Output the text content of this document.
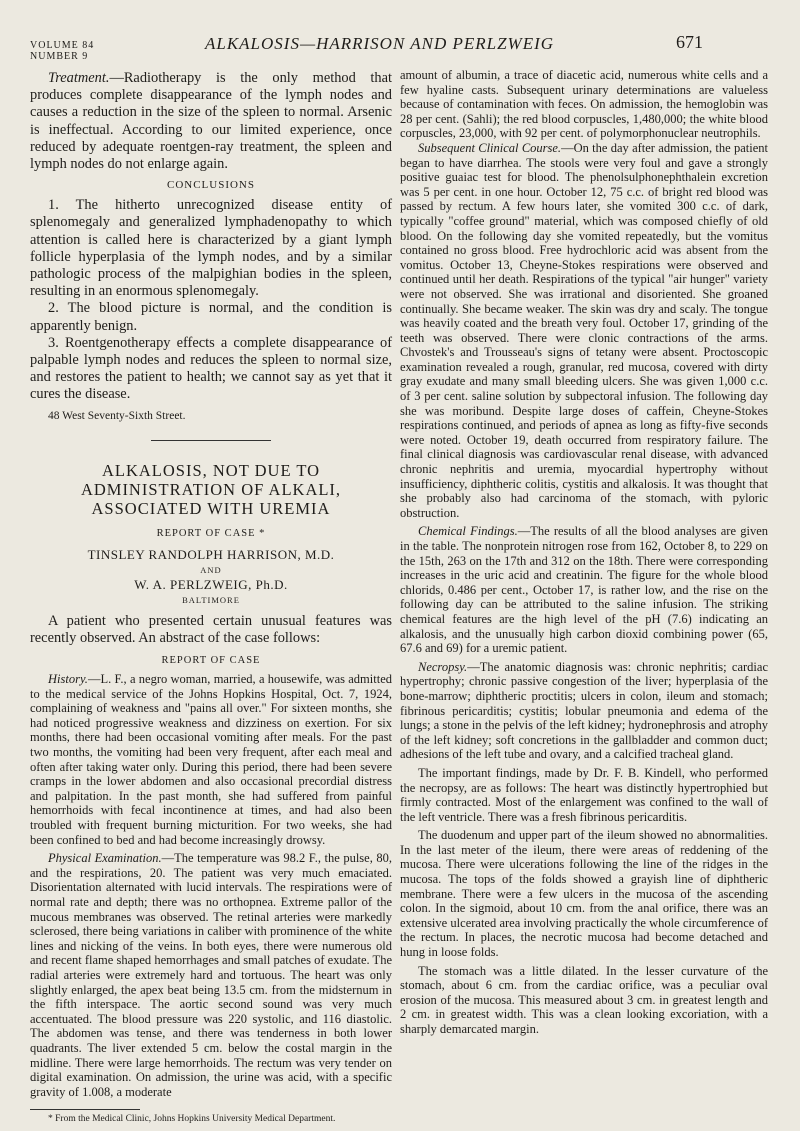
VOLUME 84
NUMBER 9
ALKALOSIS—HARRISON AND PERLZWEIG	671

Treatment.—Radiotherapy is the only method that produces complete disappearance of the lymph nodes and causes a reduction in the size of the spleen to normal. Arsenic is ineffectual. According to our limited experience, once reduced by adequate roentgen-ray treatment, the spleen and lymph nodes do not enlarge again.

CONCLUSIONS

1. The hitherto unrecognized disease entity of splenomegaly and generalized lymphadenopathy to which attention is called here is characterized by a giant lymph follicle hyperplasia of the lymph nodes, and by a similar pathologic process of the malpighian bodies in the spleen, resulting in an enormous splenomegaly.

2. The blood picture is normal, and the condition is apparently benign.

3. Roentgenotherapy effects a complete disappearance of palpable lymph nodes and reduces the spleen to normal size, and restores the patient to health; we cannot say as yet that it cures the disease.

48 West Seventy-Sixth Street.

ALKALOSIS, NOT DUE TO ADMINISTRATION OF ALKALI, ASSOCIATED WITH UREMIA
REPORT OF CASE *
TINSLEY RANDOLPH HARRISON, M.D.
AND
W. A. PERLZWEIG, Ph.D.
BALTIMORE

A patient who presented certain unusual features was recently observed. An abstract of the case follows:

REPORT OF CASE

History.—L. F., a negro woman, married, a housewife, was admitted to the medical service of the Johns Hopkins Hospital, Oct. 7, 1924, complaining of weakness and "pains all over." For sixteen months, she had noticed progressive weakness and dizziness on exertion. For six months, there had been occasional vomiting after meals. For the past two months, the vomiting had been very frequent, after each meal and often after taking water only. During this period, there had been severe cramps in the lower abdomen and also occasional precordial distress and palpitation. In the past month, she had suffered from painful hemorrhoids with fecal incontinence at times, and had also been troubled with frequent burning micturition. For two weeks, she had been confined to bed and had become increasingly drowsy.

Physical Examination.—The temperature was 98.2 F., the pulse, 80, and the respirations, 20. The patient was very much emaciated. Disorientation alternated with lucid intervals. The respirations were of normal rate and depth; there was no orthopnea. Extreme pallor of the mucous membranes was observed. The retinal arteries were markedly sclerosed, there being variations in caliber with prominence of the white lines and nicking of the veins. In both eyes, there were numerous old and recent flame shaped hemorrhages and small patches of exudate. The radial arteries were extremely hard and tortuous. The heart was only slightly enlarged, the apex beat being 13.5 cm. from the midsternum in the fifth interspace. The aortic second sound was very much accentuated. The blood pressure was 220 systolic, and 116 diastolic. The abdomen was tense, and there was tenderness in both lower quadrants. The liver extended 5 cm. below the costal margin in the midline. There were large hemorrhoids. The rectum was very tender on digital examination. On admission, the urine was acid, with a specific gravity of 1.008, a moderate

* From the Medical Clinic, Johns Hopkins University Medical Department.

amount of albumin, a trace of diacetic acid, numerous white cells and a few hyaline casts. Subsequent urinary determinations are valueless because of contamination with feces. On admission, the hemoglobin was 28 per cent. (Sahli); the red blood corpuscles, 1,480,000; the white blood corpuscles, 23,000, with 92 per cent. of polymorphonuclear neutrophils.

Subsequent Clinical Course.—On the day after admission, the patient began to have diarrhea. The stools were very foul and gave a strongly positive guaiac test for blood. The phenolsulphonephthalein excretion was 5 per cent. in one hour. October 12, 75 c.c. of bright red blood was passed by rectum. A few hours later, she vomited 300 c.c. of dark, typically "coffee ground" material, which was composed chiefly of old blood. On the following day she vomited repeatedly, but the vomitus contained no gross blood. Free hydrochloric acid was absent from the vomitus. October 13, Cheyne-Stokes respirations were observed and continued until her death. Respirations of the typical "air hunger" variety were not observed. She was irrational and disoriented. She groaned continually. She became weaker. The skin was dry and scaly. The tongue was heavily coated and the breath very foul. October 17, grinding of the teeth was observed. There were clonic contractions of the arms. Chvostek's and Trousseau's signs of tetany were absent. Proctoscopic examination revealed a rough, granular, red mucosa, covered with dirty gray exudate and many small bleeding ulcers. She was given 1,000 c.c. of 3 per cent. saline solution by subpectoral infusion. The following day she was moribund. Despite large doses of caffein, Cheyne-Stokes respirations continued, and periods of apnea as long as fifty-five seconds were noted. October 19, death occurred from respiratory failure. The final clinical diagnosis was cardiovascular renal disease, with advanced chronic nephritis and uremia, myocardial hypertrophy without insufficiency, diphtheric colitis, cystitis and alkalosis. It was thought that she probably also had carcinoma of the stomach, with pyloric obstruction.

Chemical Findings.—The results of all the blood analyses are given in the table. The nonprotein nitrogen rose from 162, October 8, to 229 on the 15th, 263 on the 17th and 312 on the 18th. There were corresponding increases in the uric acid and creatinin. The figure for the whole blood chlorids, 0.486 per cent., October 17, is rather low, and the rise on the following day can be attributed to the saline infusion. The striking chemical features are the high level of the pH (7.6) indicating an alkalosis, and the unusually high carbon dioxid combining power (65, 67.6 and 69) for a uremic patient.

Necropsy.—The anatomic diagnosis was: chronic nephritis; cardiac hypertrophy; chronic passive congestion of the liver; hyperplasia of the bone-marrow; diphtheric proctitis; ulcers in colon, ileum and stomach; fibrinous pericarditis; cystitis; lobular pneumonia and edema of the lungs; a stone in the pelvis of the left kidney; hydronephrosis and atrophy of the left kidney; soft concretions in the gallbladder and common duct; adhesions of the left tube and ovary, and a calcified tracheal gland.

The important findings, made by Dr. F. B. Kindell, who performed the necropsy, are as follows: The heart was distinctly hypertrophied but firmly contracted. Most of the enlargement was confined to the wall of the left ventricle. There was a fresh fibrinous pericarditis.

The duodenum and upper part of the ileum showed no abnormalities. In the last meter of the ileum, there were areas of reddening of the mucosa. There were ulcerations following the line of the ridges in the mucosa. The tops of the folds showed a grayish line of diphtheric membrane. There were a few ulcers in the mucosa of the ascending colon. In the sigmoid, about 10 cm. from the anal orifice, there was an extensive ulcerated area involving practically the whole circumference of the rectum. In places, the necrotic mucosa had become detached and hung in loose folds.

The stomach was a little dilated. In the lesser curvature of the stomach, about 6 cm. from the cardiac orifice, was a peculiar oval erosion of the mucosa. This measured about 3 cm. in greatest length and 2 cm. in greatest width. This was a clean looking excoriation, with a sharply demarcated margin.
